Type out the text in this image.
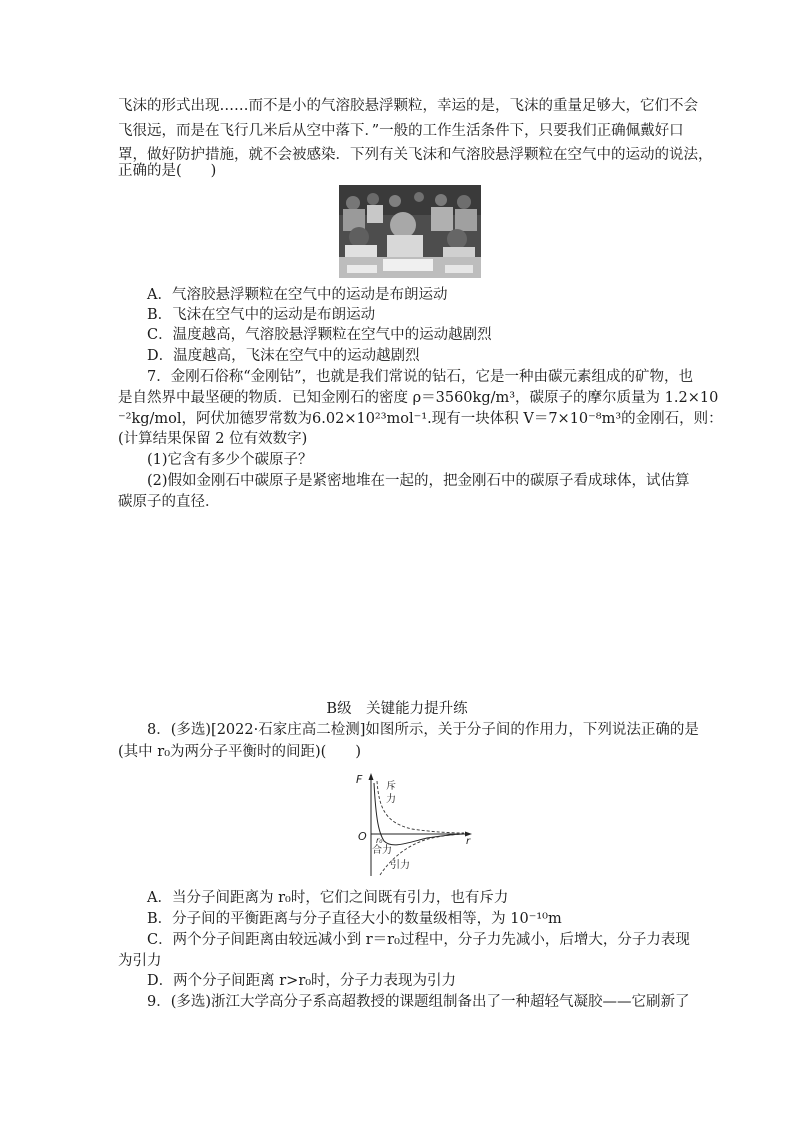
飞沫的形式出现……而不是小的气溶胶悬浮颗粒，幸运的是，飞沫的重量足够大，它们不会
飞很远，而是在飞行几米后从空中落下．”一般的工作生活条件下，只要我们正确佩戴好口
罩，做好防护措施，就不会被感染．下列有关飞沫和气溶胶悬浮颗粒在空气中的运动的说法，
正确的是(　　)
A．气溶胶悬浮颗粒在空气中的运动是布朗运动
B．飞沫在空气中的运动是布朗运动
C．温度越高，气溶胶悬浮颗粒在空气中的运动越剧烈
D．温度越高，飞沫在空气中的运动越剧烈
7．金刚石俗称“金刚钻”，也就是我们常说的钻石，它是一种由碳元素组成的矿物，也
是自然界中最坚硬的物质．已知金刚石的密度 ρ＝3560kg/m³，碳原子的摩尔质量为 1.2×10
⁻²kg/mol，阿伏加德罗常数为6.02×10²³mol⁻¹.现有一块体积 V＝7×10⁻⁸m³的金刚石，则：
(计算结果保留 2 位有效数字)
(1)它含有多少个碳原子？
(2)假如金刚石中碳原子是紧密地堆在一起的，把金刚石中的碳原子看成球体，试估算
碳原子的直径．
B级　关键能力提升练
8．(多选)[2022·石家庄高二检测]如图所示，关于分子间的作用力，下列说法正确的是
(其中 r₀为两分子平衡时的间距)(　　)
F
O	r
r₀
斥
力
合力
引力
A．当分子间距离为 r₀时，它们之间既有引力，也有斥力
B．分子间的平衡距离与分子直径大小的数量级相等，为 10⁻¹⁰m
C．两个分子间距离由较远减小到 r＝r₀过程中，分子力先减小，后增大，分子力表现
为引力
D．两个分子间距离 r>r₀时，分子力表现为引力
9．(多选)浙江大学高分子系高超教授的课题组制备出了一种超轻气凝胶——它刷新了
